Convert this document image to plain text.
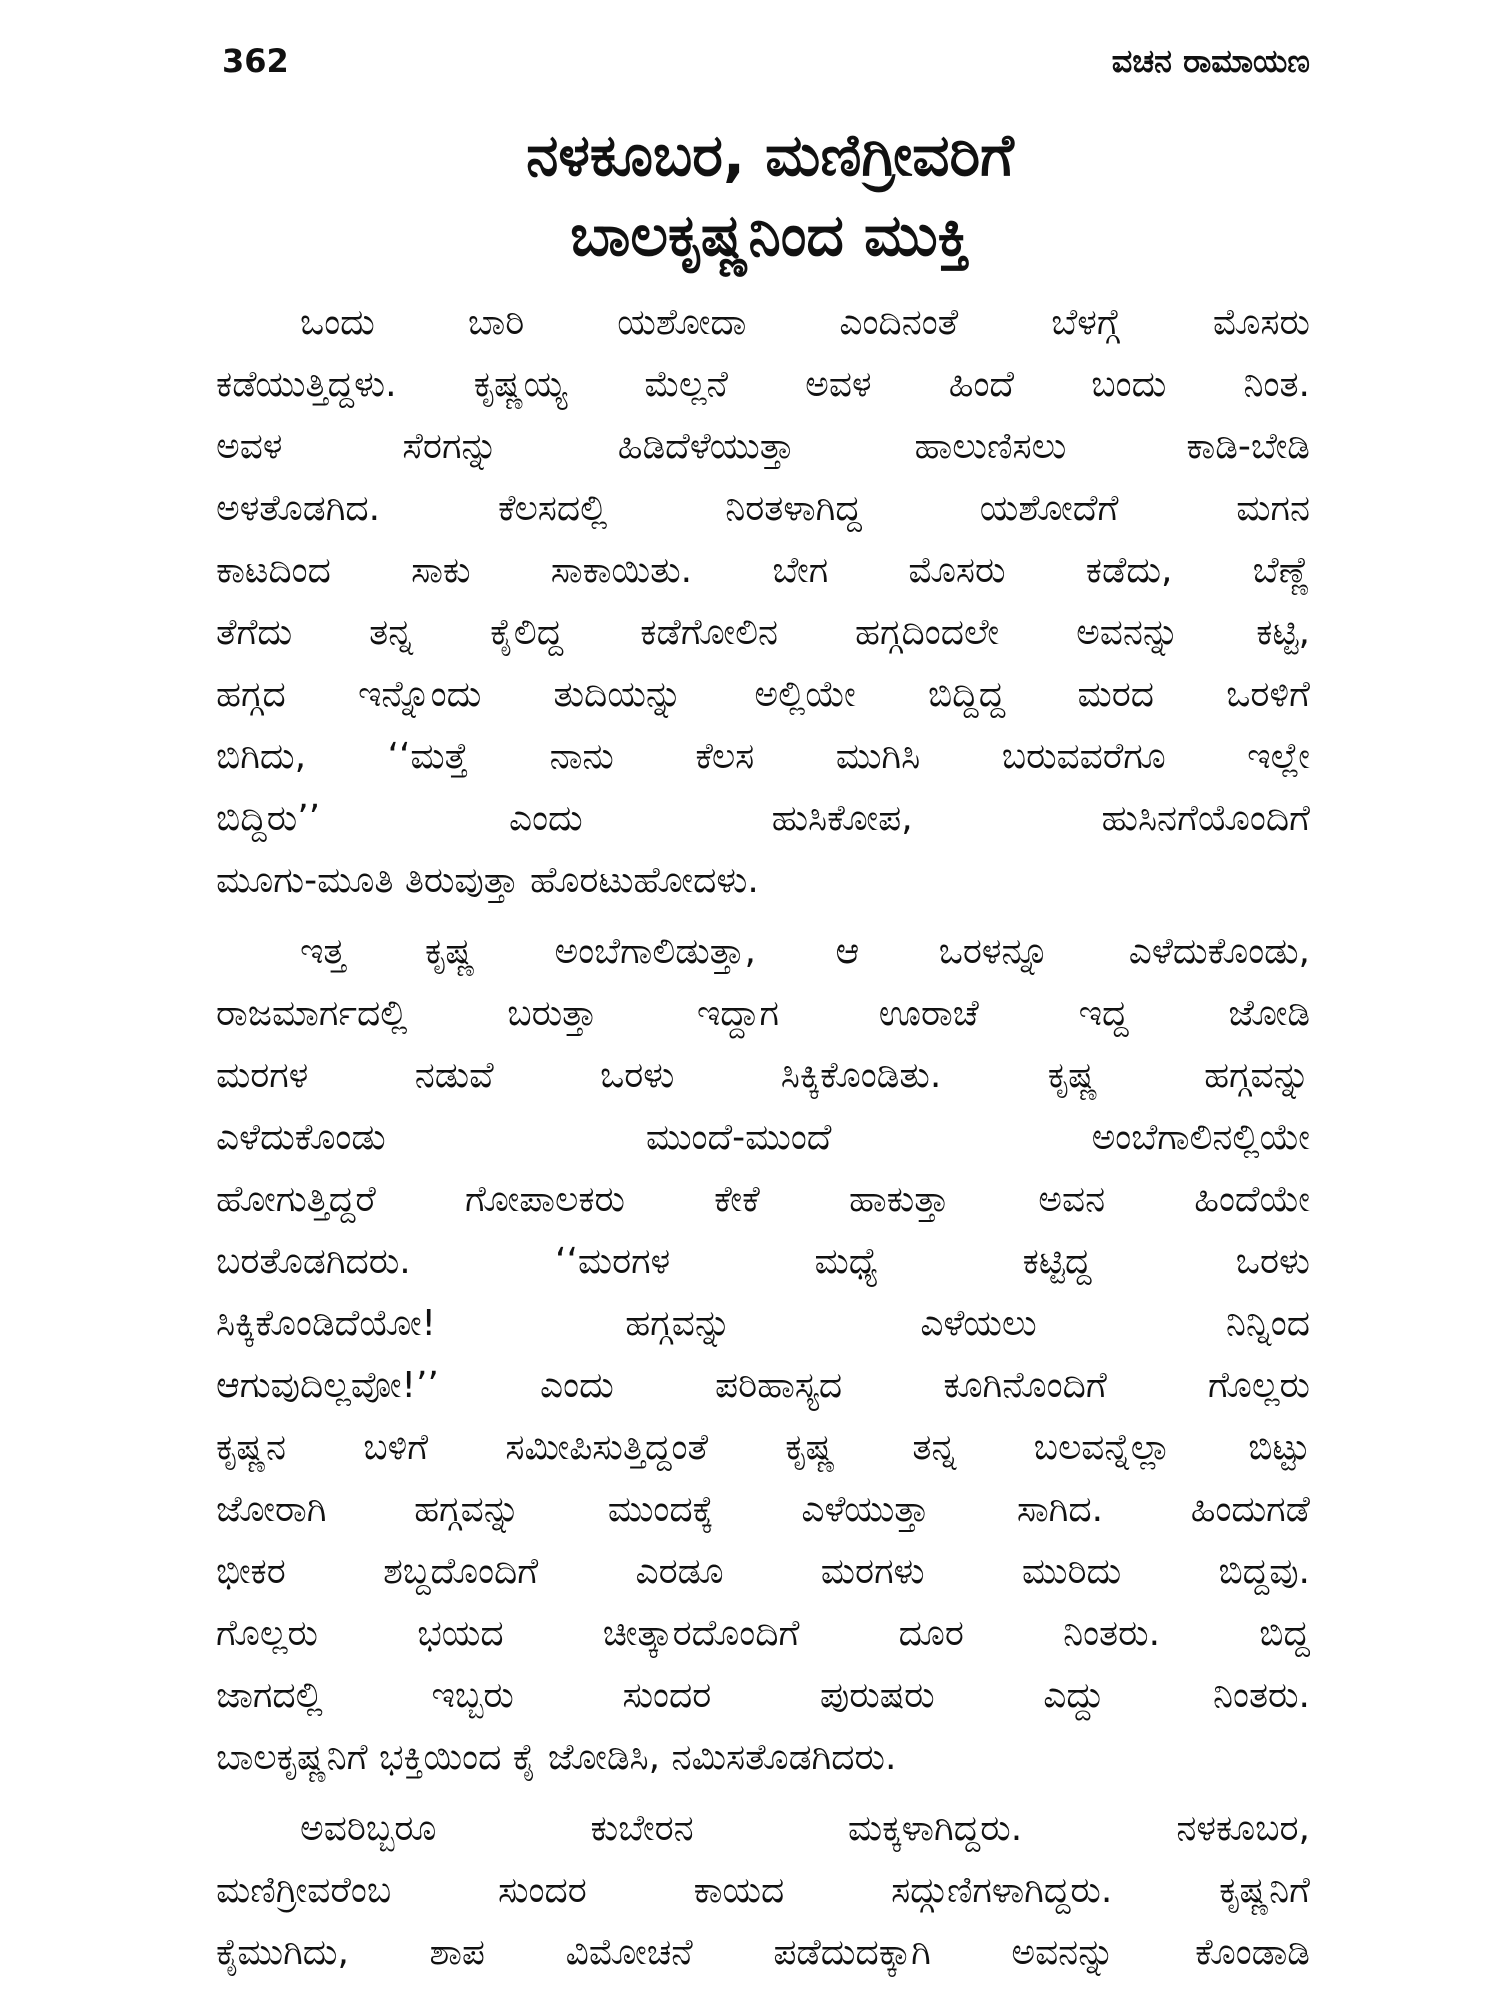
362	ವಚನ ರಾಮಾಯಣ
ನಳಕೂಬರ, ಮಣಿಗ್ರೀವರಿಗೆ
ಬಾಲಕೃಷ್ಣನಿಂದ ಮುಕ್ತಿ
ಒಂದು ಬಾರಿ ಯಶೋದಾ ಎಂದಿನಂತೆ ಬೆಳಗ್ಗೆ ಮೊಸರು
ಕಡೆಯುತ್ತಿದ್ದಳು. ಕೃಷ್ಣಯ್ಯ ಮೆಲ್ಲನೆ ಅವಳ ಹಿಂದೆ ಬಂದು ನಿಂತ.
ಅವಳ ಸೆರಗನ್ನು ಹಿಡಿದೆಳೆಯುತ್ತಾ ಹಾಲುಣಿಸಲು ಕಾಡಿ-ಬೇಡಿ
ಅಳತೊಡಗಿದ. ಕೆಲಸದಲ್ಲಿ ನಿರತಳಾಗಿದ್ದ ಯಶೋದೆಗೆ ಮಗನ
ಕಾಟದಿಂದ ಸಾಕು ಸಾಕಾಯಿತು. ಬೇಗ ಮೊಸರು ಕಡೆದು, ಬೆಣ್ಣೆ
ತೆಗೆದು ತನ್ನ ಕೈಲಿದ್ದ ಕಡೆಗೋಲಿನ ಹಗ್ಗದಿಂದಲೇ ಅವನನ್ನು ಕಟ್ಟಿ,
ಹಗ್ಗದ ಇನ್ನೊಂದು ತುದಿಯನ್ನು ಅಲ್ಲಿಯೇ ಬಿದ್ದಿದ್ದ ಮರದ ಒರಳಿಗೆ
ಬಿಗಿದು, ‘‘ಮತ್ತೆ ನಾನು ಕೆಲಸ ಮುಗಿಸಿ ಬರುವವರೆಗೂ ಇಲ್ಲೇ
ಬಿದ್ದಿರು’’ ಎಂದು ಹುಸಿಕೋಪ, ಹುಸಿನಗೆಯೊಂದಿಗೆ
ಮೂಗು-ಮೂತಿ ತಿರುವುತ್ತಾ ಹೊರಟುಹೋದಳು.
ಇತ್ತ ಕೃಷ್ಣ ಅಂಬೆಗಾಲಿಡುತ್ತಾ, ಆ ಒರಳನ್ನೂ ಎಳೆದುಕೊಂಡು,
ರಾಜಮಾರ್ಗದಲ್ಲಿ ಬರುತ್ತಾ ಇದ್ದಾಗ ಊರಾಚೆ ಇದ್ದ ಜೋಡಿ
ಮರಗಳ ನಡುವೆ ಒರಳು ಸಿಕ್ಕಿಕೊಂಡಿತು. ಕೃಷ್ಣ ಹಗ್ಗವನ್ನು
ಎಳೆದುಕೊಂಡು ಮುಂದೆ-ಮುಂದೆ ಅಂಬೆಗಾಲಿನಲ್ಲಿಯೇ
ಹೋಗುತ್ತಿದ್ದರೆ ಗೋಪಾಲಕರು ಕೇಕೆ ಹಾಕುತ್ತಾ ಅವನ ಹಿಂದೆಯೇ
ಬರತೊಡಗಿದರು. ‘‘ಮರಗಳ ಮಧ್ಯೆ ಕಟ್ಟಿದ್ದ ಒರಳು
ಸಿಕ್ಕಿಕೊಂಡಿದೆಯೋ! ಹಗ್ಗವನ್ನು ಎಳೆಯಲು ನಿನ್ನಿಂದ
ಆಗುವುದಿಲ್ಲವೋ!’’ ಎಂದು ಪರಿಹಾಸ್ಯದ ಕೂಗಿನೊಂದಿಗೆ ಗೊಲ್ಲರು
ಕೃಷ್ಣನ ಬಳಿಗೆ ಸಮೀಪಿಸುತ್ತಿದ್ದಂತೆ ಕೃಷ್ಣ ತನ್ನ ಬಲವನ್ನೆಲ್ಲಾ ಬಿಟ್ಟು
ಜೋರಾಗಿ ಹಗ್ಗವನ್ನು ಮುಂದಕ್ಕೆ ಎಳೆಯುತ್ತಾ ಸಾಗಿದ. ಹಿಂದುಗಡೆ
ಭೀಕರ ಶಬ್ದದೊಂದಿಗೆ ಎರಡೂ ಮರಗಳು ಮುರಿದು ಬಿದ್ದವು.
ಗೊಲ್ಲರು ಭಯದ ಚೀತ್ಕಾರದೊಂದಿಗೆ ದೂರ ನಿಂತರು. ಬಿದ್ದ
ಜಾಗದಲ್ಲಿ ಇಬ್ಬರು ಸುಂದರ ಪುರುಷರು ಎದ್ದು ನಿಂತರು.
ಬಾಲಕೃಷ್ಣನಿಗೆ ಭಕ್ತಿಯಿಂದ ಕೈ ಜೋಡಿಸಿ, ನಮಿಸತೊಡಗಿದರು.
ಅವರಿಬ್ಬರೂ ಕುಬೇರನ ಮಕ್ಕಳಾಗಿದ್ದರು. ನಳಕೂಬರ,
ಮಣಿಗ್ರೀವರೆಂಬ ಸುಂದರ ಕಾಯದ ಸದ್ಗುಣಿಗಳಾಗಿದ್ದರು. ಕೃಷ್ಣನಿಗೆ
ಕೈಮುಗಿದು, ಶಾಪ ವಿಮೋಚನೆ ಪಡೆದುದಕ್ಕಾಗಿ ಅವನನ್ನು ಕೊಂಡಾಡಿ
